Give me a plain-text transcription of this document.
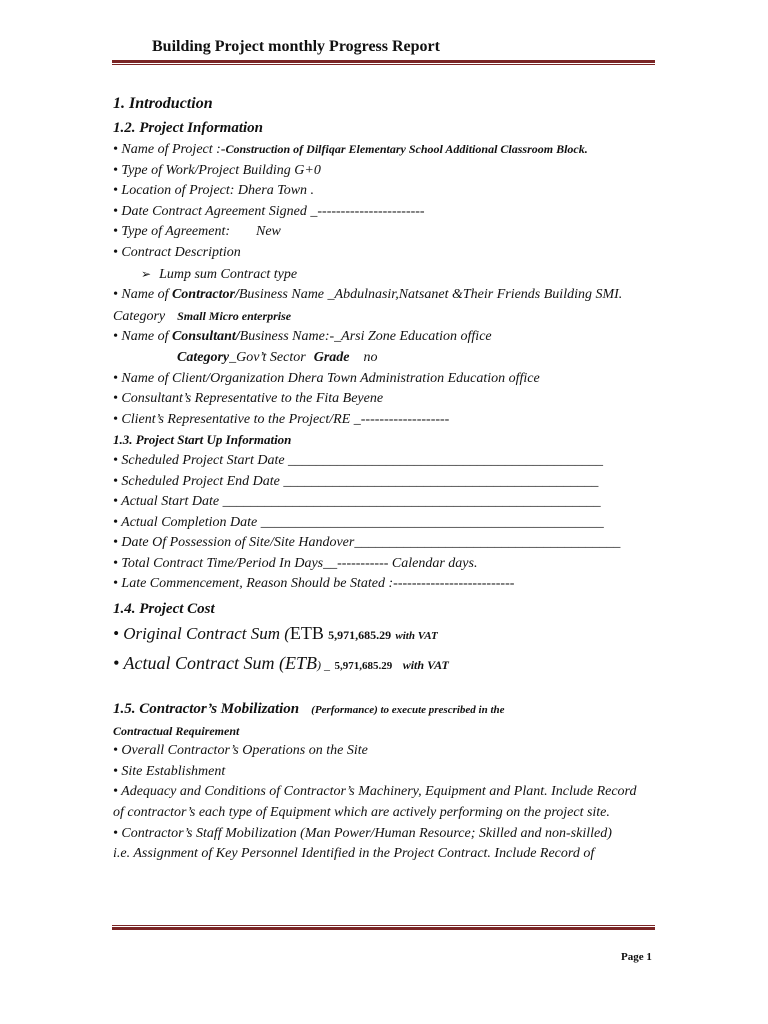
Building Project monthly Progress Report
1. Introduction
1.2. Project Information
• Name of Project :-Construction of Dilfiqar Elementary School Additional Classroom Block.
• Type of Work/Project Building G+0
• Location of Project: Dhera Town .
• Date Contract Agreement Signed _-----------------------
• Type of Agreement: New
• Contract Description
➢ Lump sum Contract type
• Name of Contractor/Business Name _Abdulnasir,Natsanet &Their Friends Building SMI.
Category Small Micro enterprise
• Name of Consultant/Business Name:-_Arsi Zone Education office
Category_Gov’t Sector Grade no
• Name of Client/Organization Dhera Town Administration Education office
• Consultant’s Representative to the Fita Beyene
• Client’s Representative to the Project/RE _-------------------
1.3. Project Start Up Information
• Scheduled Project Start Date _____________________________________________
• Scheduled Project End Date _____________________________________________
• Actual Start Date ______________________________________________________
• Actual Completion Date _________________________________________________
• Date Of Possession of Site/Site Handover______________________________________
• Total Contract Time/Period In Days__----------- Calendar days.
• Late Commencement, Reason Should be Stated :--------------------------
1.4. Project Cost
• Original Contract Sum (ETB 5,971,685.29 with VAT
• Actual Contract Sum (ETB) _ 5,971,685.29 with VAT
1.5. Contractor’s Mobilization (Performance) to execute prescribed in the
Contractual Requirement
• Overall Contractor’s Operations on the Site
• Site Establishment
• Adequacy and Conditions of Contractor’s Machinery, Equipment and Plant. Include Record
of contractor’s each type of Equipment which are actively performing on the project site.
• Contractor’s Staff Mobilization (Man Power/Human Resource; Skilled and non-skilled)
i.e. Assignment of Key Personnel Identified in the Project Contract. Include Record of
Page 1
